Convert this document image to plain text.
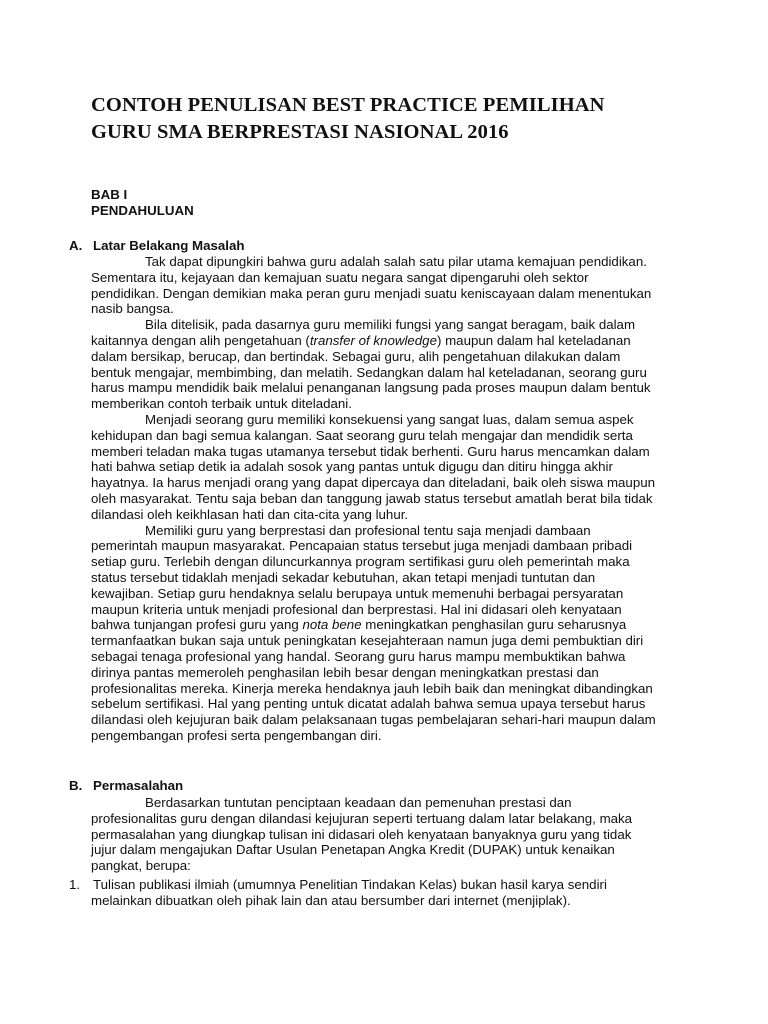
CONTOH PENULISAN BEST PRACTICE PEMILIHAN
GURU SMA BERPRESTASI NASIONAL 2016
BAB I
PENDAHULUAN
A. Latar Belakang Masalah
Tak dapat dipungkiri bahwa guru adalah salah satu pilar utama kemajuan pendidikan.
Sementara itu, kejayaan dan kemajuan suatu negara sangat dipengaruhi oleh sektor
pendidikan. Dengan demikian maka peran guru menjadi suatu keniscayaan dalam menentukan
nasib bangsa.
Bila ditelisik, pada dasarnya guru memiliki fungsi yang sangat beragam, baik dalam
kaitannya dengan alih pengetahuan (transfer of knowledge) maupun dalam hal keteladanan
dalam bersikap, berucap, dan bertindak. Sebagai guru, alih pengetahuan dilakukan dalam
bentuk mengajar, membimbing, dan melatih. Sedangkan dalam hal keteladanan, seorang guru
harus mampu mendidik baik melalui penanganan langsung pada proses maupun dalam bentuk
memberikan contoh terbaik untuk diteladani.
Menjadi seorang guru memiliki konsekuensi yang sangat luas, dalam semua aspek
kehidupan dan bagi semua kalangan. Saat seorang guru telah mengajar dan mendidik serta
memberi teladan maka tugas utamanya tersebut tidak berhenti. Guru harus mencamkan dalam
hati bahwa setiap detik ia adalah sosok yang pantas untuk digugu dan ditiru hingga akhir
hayatnya. Ia harus menjadi orang yang dapat dipercaya dan diteladani, baik oleh siswa maupun
oleh masyarakat. Tentu saja beban dan tanggung jawab status tersebut amatlah berat bila tidak
dilandasi oleh keikhlasan hati dan cita-cita yang luhur.
Memiliki guru yang berprestasi dan profesional tentu saja menjadi dambaan
pemerintah maupun masyarakat. Pencapaian status tersebut juga menjadi dambaan pribadi
setiap guru. Terlebih dengan diluncurkannya program sertifikasi guru oleh pemerintah maka
status tersebut tidaklah menjadi sekadar kebutuhan, akan tetapi menjadi tuntutan dan
kewajiban. Setiap guru hendaknya selalu berupaya untuk memenuhi berbagai persyaratan
maupun kriteria untuk menjadi profesional dan berprestasi. Hal ini didasari oleh kenyataan
bahwa tunjangan profesi guru yang nota bene meningkatkan penghasilan guru seharusnya
termanfaatkan bukan saja untuk peningkatan kesejahteraan namun juga demi pembuktian diri
sebagai tenaga profesional yang handal. Seorang guru harus mampu membuktikan bahwa
dirinya pantas memeroleh penghasilan lebih besar dengan meningkatkan prestasi dan
profesionalitas mereka. Kinerja mereka hendaknya jauh lebih baik dan meningkat dibandingkan
sebelum sertifikasi. Hal yang penting untuk dicatat adalah bahwa semua upaya tersebut harus
dilandasi oleh kejujuran baik dalam pelaksanaan tugas pembelajaran sehari-hari maupun dalam
pengembangan profesi serta pengembangan diri.
B. Permasalahan
Berdasarkan tuntutan penciptaan keadaan dan pemenuhan prestasi dan
profesionalitas guru dengan dilandasi kejujuran seperti tertuang dalam latar belakang, maka
permasalahan yang diungkap tulisan ini didasari oleh kenyataan banyaknya guru yang tidak
jujur dalam mengajukan Daftar Usulan Penetapan Angka Kredit (DUPAK) untuk kenaikan
pangkat, berupa:
1. Tulisan publikasi ilmiah (umumnya Penelitian Tindakan Kelas) bukan hasil karya sendiri
melainkan dibuatkan oleh pihak lain dan atau bersumber dari internet (menjiplak).
